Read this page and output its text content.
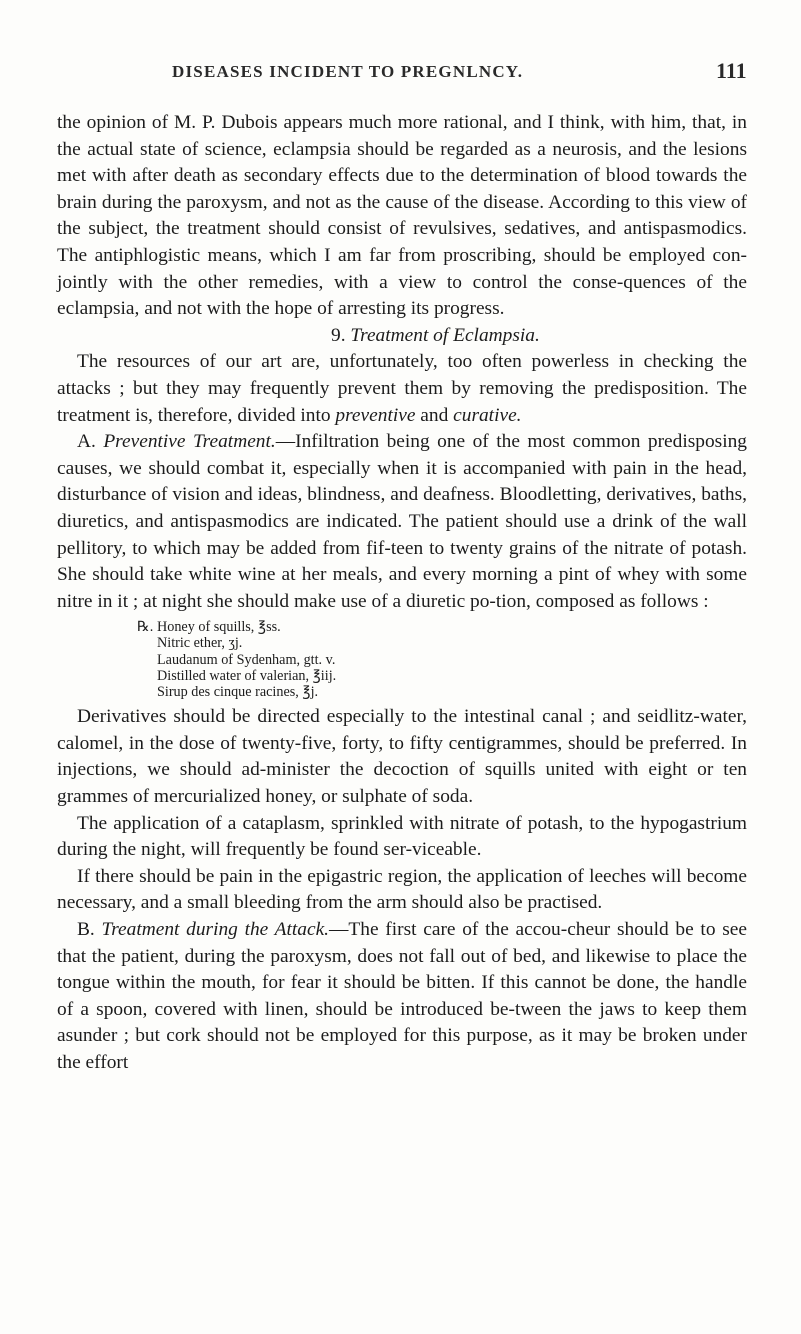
DISEASES INCIDENT TO PREGNLNCY.	111

the opinion of M. P. Dubois appears much more rational, and I think, with him, that, in the actual state of science, eclampsia should be regarded as a neurosis, and the lesions met with after death as secondary effects due to the determination of blood towards the brain during the paroxysm, and not as the cause of the disease. According to this view of the subject, the treatment should consist of revulsives, sedatives, and antispasmodics. The antiphlogistic means, which I am far from proscribing, should be employed con-jointly with the other remedies, with a view to control the conse-quences of the eclampsia, and not with the hope of arresting its progress.

9. Treatment of Eclampsia.

The resources of our art are, unfortunately, too often powerless in checking the attacks ; but they may frequently prevent them by removing the predisposition. The treatment is, therefore, divided into preventive and curative.

A. Preventive Treatment.—Infiltration being one of the most common predisposing causes, we should combat it, especially when it is accompanied with pain in the head, disturbance of vision and ideas, blindness, and deafness. Bloodletting, derivatives, baths, diuretics, and antispasmodics are indicated. The patient should use a drink of the wall pellitory, to which may be added from fif-teen to twenty grains of the nitrate of potash. She should take white wine at her meals, and every morning a pint of whey with some nitre in it ; at night she should make use of a diuretic po-tion, composed as follows :

℞. Honey of squills, ℥ss.
Nitric ether, ʒj.
Laudanum of Sydenham, gtt. v.
Distilled water of valerian, ℥iij.
Sirup des cinque racines, ℥j.

Derivatives should be directed especially to the intestinal canal ; and seidlitz-water, calomel, in the dose of twenty-five, forty, to fifty centigrammes, should be preferred. In injections, we should ad-minister the decoction of squills united with eight or ten grammes of mercurialized honey, or sulphate of soda.

The application of a cataplasm, sprinkled with nitrate of potash, to the hypogastrium during the night, will frequently be found ser-viceable.

If there should be pain in the epigastric region, the application of leeches will become necessary, and a small bleeding from the arm should also be practised.

B. Treatment during the Attack.—The first care of the accou-cheur should be to see that the patient, during the paroxysm, does not fall out of bed, and likewise to place the tongue within the mouth, for fear it should be bitten. If this cannot be done, the handle of a spoon, covered with linen, should be introduced be-tween the jaws to keep them asunder ; but cork should not be employed for this purpose, as it may be broken under the effort
